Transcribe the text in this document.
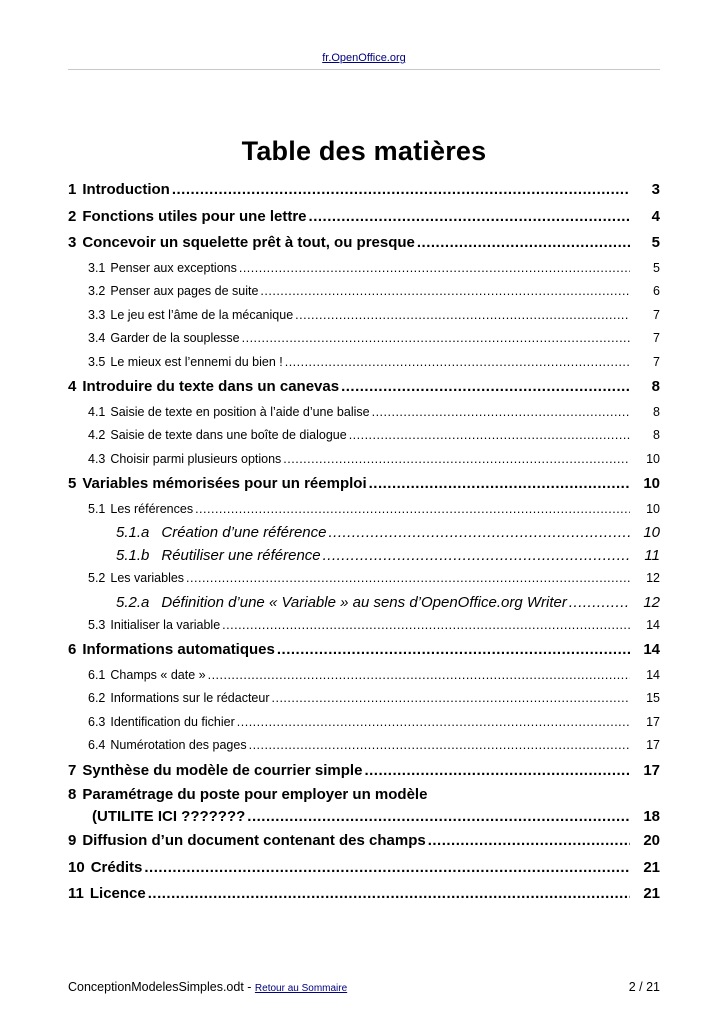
fr.OpenOffice.org
Table des matières
1 Introduction .....	3
2 Fonctions utiles pour une lettre .....	4
3 Concevoir un squelette prêt à tout, ou presque .....	5
3.1 Penser aux exceptions .....	5
3.2 Penser aux pages de suite .....	6
3.3 Le jeu est l’âme de la mécanique .....	7
3.4 Garder de la souplesse .....	7
3.5 Le mieux est l’ennemi du bien ! .....	7
4 Introduire du texte dans un canevas .....	8
4.1 Saisie de texte en position à l’aide d’une balise .....	8
4.2 Saisie de texte dans une boîte de dialogue .....	8
4.3 Choisir parmi plusieurs options .....	10
5 Variables mémorisées pour un réemploi .....	10
5.1 Les références .....	10
5.1.a Création d’une référence .....	10
5.1.b Réutiliser une référence .....	11
5.2 Les variables .....	12
5.2.a Définition d’une « Variable » au sens d’OpenOffice.org Writer .....	12
5.3 Initialiser la variable .....	14
6 Informations automatiques .....	14
6.1 Champs « date » .....	14
6.2 Informations sur le rédacteur .....	15
6.3 Identification du fichier .....	17
6.4 Numérotation des pages .....	17
7 Synthèse du modèle de courrier simple .....	17
8 Paramétrage du poste pour employer un modèle
(UTILITE ICI ??????? .....	18
9 Diffusion d’un document contenant des champs .....	20
10 Crédits .....	21
11 Licence .....	21
ConceptionModelesSimples.odt - Retour au Sommaire	2 / 21
